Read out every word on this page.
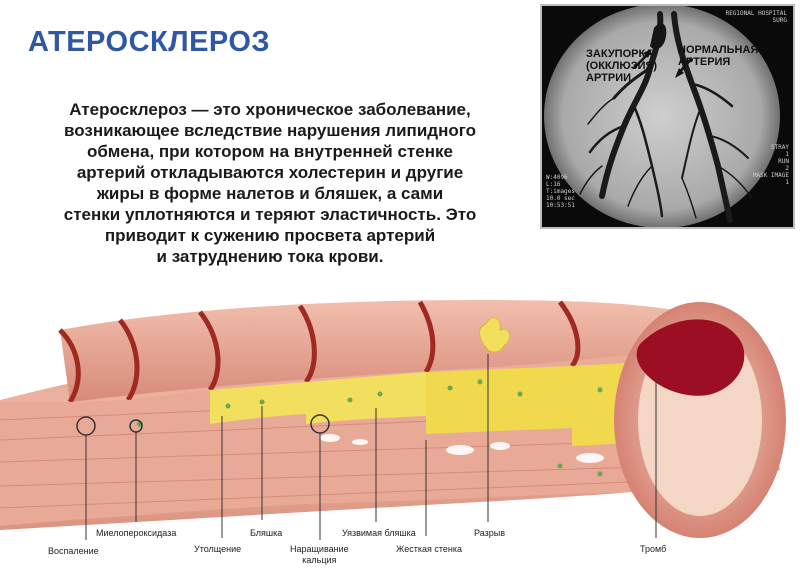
АТЕРОСКЛЕРОЗ
Атеросклероз — это хроническое заболевание,
возникающее вследствие нарушения липидного
обмена, при котором на внутренней стенке
артерий откладываются холестерин и другие
жиры в форме налетов и бляшек, а сами
стенки уплотняются и теряют эластичность. Это
приводит к сужению просвета артерий
и затруднению тока крови.
ЗАКУПОРКА
(ОККЛЮЗИЯ)
АРТРИИ
НОРМАЛЬНАЯ
АРТЕРИЯ
REGIONAL HOSPITAL
SURG
W:4096
L:16
T:images
10.0 sec
10:53:51
STRAY
1
RUN
2
MASK IMAGE
1
Воспаление
Миелопероксидаза
Утолщение
Бляшка
Наращивание
кальция
Уязвимая бляшка
Жесткая стенка
Разрыв
Тромб
